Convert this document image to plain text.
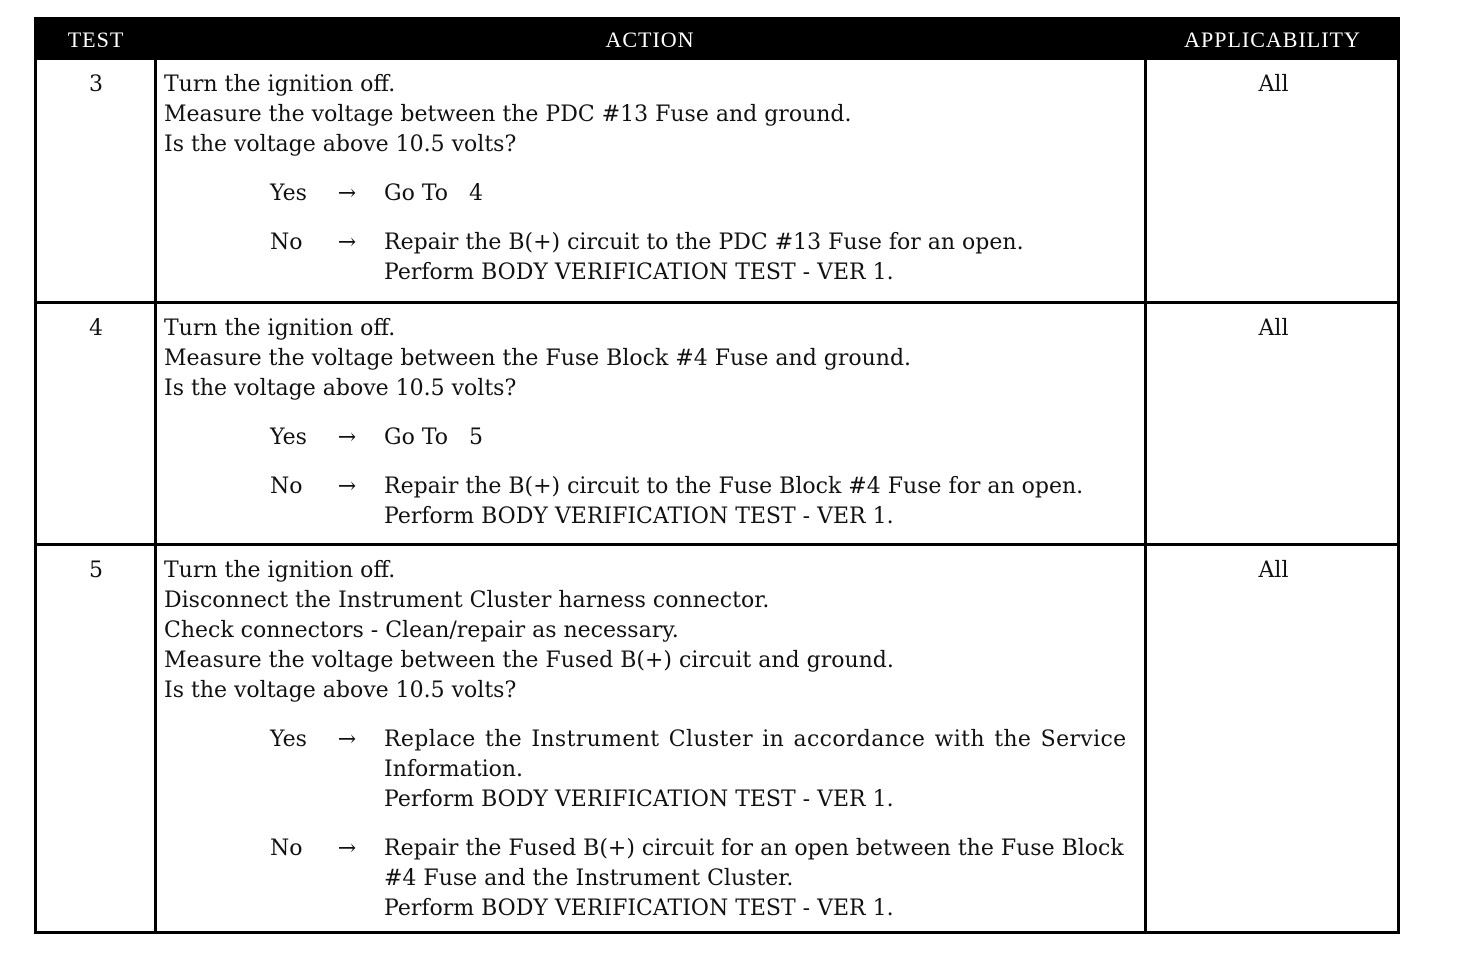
TEST	ACTION	APPLICABILITY
3	Turn the ignition off.
Measure the voltage between the PDC #13 Fuse and ground.
Is the voltage above 10.5 volts?
Yes	→ Go To   4
No	→ Repair the B(+) circuit to the PDC #13 Fuse for an open.
Perform BODY VERIFICATION TEST - VER 1.
All
4	Turn the ignition off.
Measure the voltage between the Fuse Block #4 Fuse and ground.
Is the voltage above 10.5 volts?
Yes	→ Go To   5
No	→ Repair the B(+) circuit to the Fuse Block #4 Fuse for an open.
Perform BODY VERIFICATION TEST - VER 1.
All
5	Turn the ignition off.
Disconnect the Instrument Cluster harness connector.
Check connectors - Clean/repair as necessary.
Measure the voltage between the Fused B(+) circuit and ground.
Is the voltage above 10.5 volts?
Yes	→ Replace the Instrument Cluster in accordance with the Service
Information.
Perform BODY VERIFICATION TEST - VER 1.
No	→ Repair the Fused B(+) circuit for an open between the Fuse Block
#4 Fuse and the Instrument Cluster.
Perform BODY VERIFICATION TEST - VER 1.
All
